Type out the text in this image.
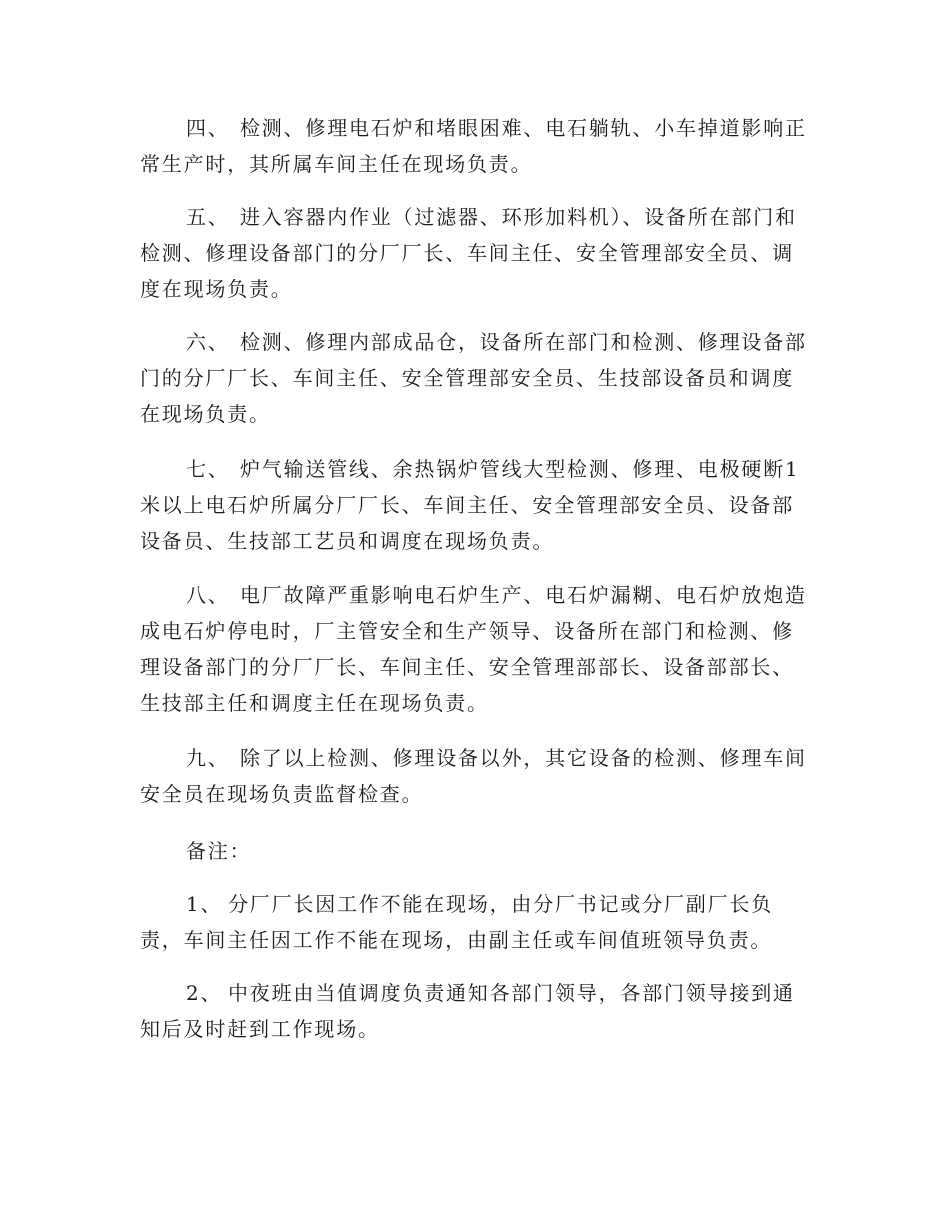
四、 检测、修理电石炉和堵眼困难、电石躺轨、小车掉道影响正
常生产时，其所属车间主任在现场负责。
五、 进入容器内作业（过滤器、环形加料机）、设备所在部门和
检测、修理设备部门的分厂厂长、车间主任、安全管理部安全员、调
度在现场负责。
六、 检测、修理内部成品仓，设备所在部门和检测、修理设备部
门的分厂厂长、车间主任、安全管理部安全员、生技部设备员和调度
在现场负责。
七、 炉气输送管线、余热锅炉管线大型检测、修理、电极硬断1
米以上电石炉所属分厂厂长、车间主任、安全管理部安全员、设备部
设备员、生技部工艺员和调度在现场负责。
八、 电厂故障严重影响电石炉生产、电石炉漏糊、电石炉放炮造
成电石炉停电时，厂主管安全和生产领导、设备所在部门和检测、修
理设备部门的分厂厂长、车间主任、安全管理部部长、设备部部长、
生技部主任和调度主任在现场负责。
九、 除了以上检测、修理设备以外，其它设备的检测、修理车间
安全员在现场负责监督检查。
备注：
1、 分厂厂长因工作不能在现场，由分厂书记或分厂副厂长负
责，车间主任因工作不能在现场，由副主任或车间值班领导负责。
2、 中夜班由当值调度负责通知各部门领导，各部门领导接到通
知后及时赶到工作现场。
